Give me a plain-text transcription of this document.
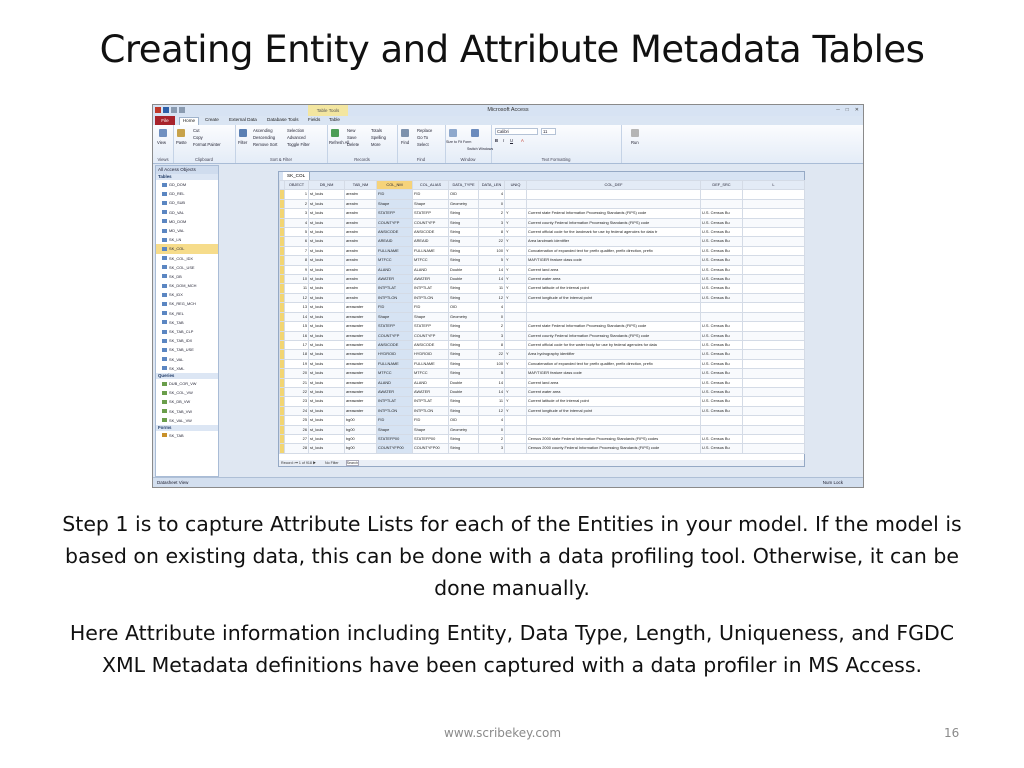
Creating Entity and Attribute Metadata Tables
Table Tools	Microsoft Access	─ □ ✕
File	Home	Create External Data Database Tools Fields Table
View
Views
Paste
Cut
Copy
Format Painter
Clipboard
Filter
Ascending
Descending
Remove Sort
Selection
Advanced
Toggle Filter
Sort & Filter
Refresh All
New
Save
Delete
Totals
Spelling
More
Records
Find
Replace
Go To
Select
Find
Size to Fit Form
Switch Windows
Window
Calibri	11
B I U A
Text Formatting
Run
All Access Objects
Tables
GD_DOM
GD_REL
GD_SUB
GD_VAL
MD_DOM
MD_VAL
SK_LN
SK_COL
SK_COL_IDX
SK_COL_USE
SK_DB
SK_DOM_MCH
SK_IDX
SK_REG_MCH
SK_REL
SK_TAB
SK_TAB_CLP
SK_TAB_IDX
SK_TAB_USE
SK_VAL
SK_XML
Queries
DUB_COR_VW
SK_COL_VW
SK_DB_VW
SK_TAB_VW
SK_VAL_VW
Forms
SK_TAB
SK_COL
	OBJECT	DB_NM	TAB_NM	COL_NM	COL_ALIAS	DATA_TYPE	DATA_LEN	UNIQ	COL_DEF	DEF_SRC	L
	1	st_louis	arealm	FID	FID	OID	4				
	2	st_louis	arealm	Shape	Shape	Geometry	0				
	3	st_louis	arealm	STATEFP	STATEFP	String	2	Y	Current state Federal Information Processing Standards (FIPS) code	U.S. Census Bu	
	4	st_louis	arealm	COUNTYFP	COUNTYFP	String	3	Y	Current county Federal Information Processing Standards (FIPS) code	U.S. Census Bu	
	5	st_louis	arealm	ANSICODE	ANSICODE	String	8	Y	Current official code for the landmark for use by federal agencies for data tr	U.S. Census Bu	
	6	st_louis	arealm	AREAID	AREAID	String	22	Y	Area landmark identifier	U.S. Census Bu	
	7	st_louis	arealm	FULLNAME	FULLNAME	String	100	Y	Concatenation of expanded text for prefix qualifier, prefix direction, prefix	U.S. Census Bu	
	8	st_louis	arealm	MTFCC	MTFCC	String	5	Y	MAF/TIGER feature class code	U.S. Census Bu	
	9	st_louis	arealm	ALAND	ALAND	Double	14	Y	Current land area	U.S. Census Bu	
	10	st_louis	arealm	AWATER	AWATER	Double	14	Y	Current water area	U.S. Census Bu	
	11	st_louis	arealm	INTPTLAT	INTPTLAT	String	11	Y	Current latitude of the internal point	U.S. Census Bu	
	12	st_louis	arealm	INTPTLON	INTPTLON	String	12	Y	Current longitude of the internal point	U.S. Census Bu	
	13	st_louis	areawater	FID	FID	OID	4				
	14	st_louis	areawater	Shape	Shape	Geometry	0				
	15	st_louis	areawater	STATEFP	STATEFP	String	2		Current state Federal Information Processing Standards (FIPS) code	U.S. Census Bu	
	16	st_louis	areawater	COUNTYFP	COUNTYFP	String	3		Current county Federal Information Processing Standards (FIPS) code	U.S. Census Bu	
	17	st_louis	areawater	ANSICODE	ANSICODE	String	8		Current official code for the water body for use by federal agencies for data	U.S. Census Bu	
	18	st_louis	areawater	HYDROID	HYDROID	String	22	Y	Area hydrography identifier	U.S. Census Bu	
	19	st_louis	areawater	FULLNAME	FULLNAME	String	100	Y	Concatenation of expanded text for prefix qualifier, prefix direction, prefix	U.S. Census Bu	
	20	st_louis	areawater	MTFCC	MTFCC	String	5		MAF/TIGER feature class code	U.S. Census Bu	
	21	st_louis	areawater	ALAND	ALAND	Double	14		Current land area	U.S. Census Bu	
	22	st_louis	areawater	AWATER	AWATER	Double	14	Y	Current water area	U.S. Census Bu	
	23	st_louis	areawater	INTPTLAT	INTPTLAT	String	11	Y	Current latitude of the internal point	U.S. Census Bu	
	24	st_louis	areawater	INTPTLON	INTPTLON	String	12	Y	Current longitude of the internal point	U.S. Census Bu	
	25	st_louis	bg00	FID	FID	OID	4				
	26	st_louis	bg00	Shape	Shape	Geometry	0				
	27	st_louis	bg00	STATEFP00	STATEFP00	String	2		Census 2000 state Federal Information Processing Standards (FIPS) codes	U.S. Census Bu	
	28	st_louis	bg00	COUNTYFP00	COUNTYFP00	String	3		Census 2000 county Federal Information Processing Standards (FIPS) code	U.S. Census Bu	
Record: ⏮ 1 of 918 ▶	No Filter Search
Datasheet View	Num Lock

Step 1 is to capture Attribute Lists for each of the Entities in your model. If the model is based on existing data, this can be done with a data profiling tool. Otherwise, it can be done manually.

Here Attribute information including Entity, Data Type, Length, Uniqueness, and FGDC XML Metadata definitions have been captured with a data profiler in MS Access.

www.scribekey.com	16
